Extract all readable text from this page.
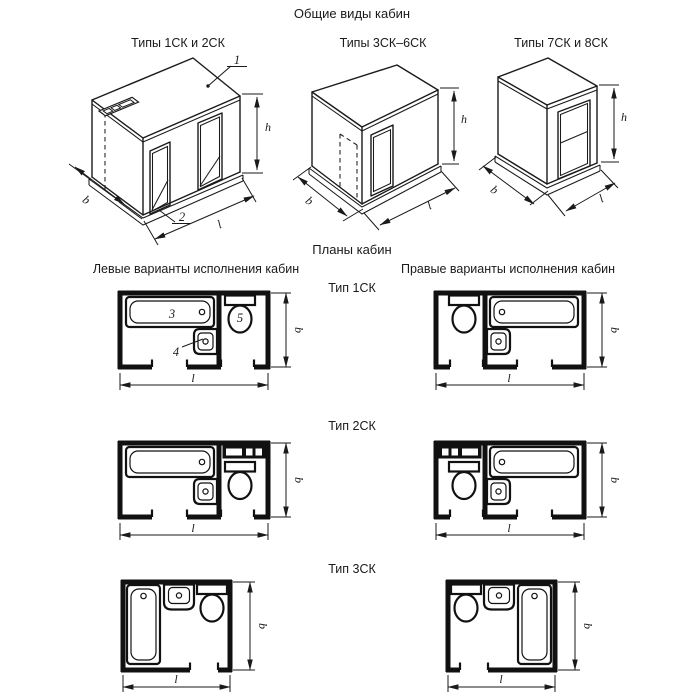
Общие виды кабин
Типы 1СК и 2СК	Типы 3СК–6СК	Типы 7СК и 8СК
Планы кабин
Левые варианты исполнения кабин	Правые варианты исполнения кабин
Тип 1СК
Тип 2СК
Тип 3СК
1
2
b
l
h
b	l
h
b
l
h
3
4
5
l
b
l
b
l
b
l
b
l
b
l
b
